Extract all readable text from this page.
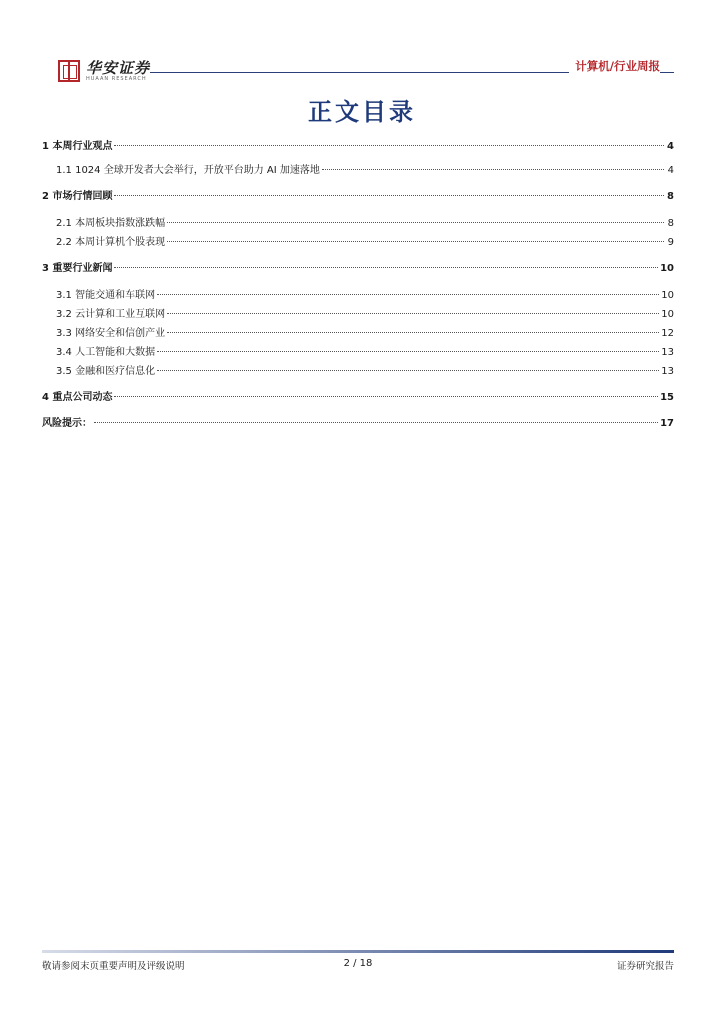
华安证券
HUAAN RESEARCH
计算机/行业周报
正文目录
1 本周行业观点	4
1.1 1024 全球开发者大会举行，开放平台助力 AI 加速落地	4
2 市场行情回顾	8
2.1 本周板块指数涨跌幅	8
2.2 本周计算机个股表现	9
3 重要行业新闻	10
3.1 智能交通和车联网	10
3.2 云计算和工业互联网	10
3.3 网络安全和信创产业	12
3.4 人工智能和大数据	13
3.5 金融和医疗信息化	13
4 重点公司动态	15
风险提示：	17
敬请参阅末页重要声明及评级说明	2 / 18	证券研究报告
